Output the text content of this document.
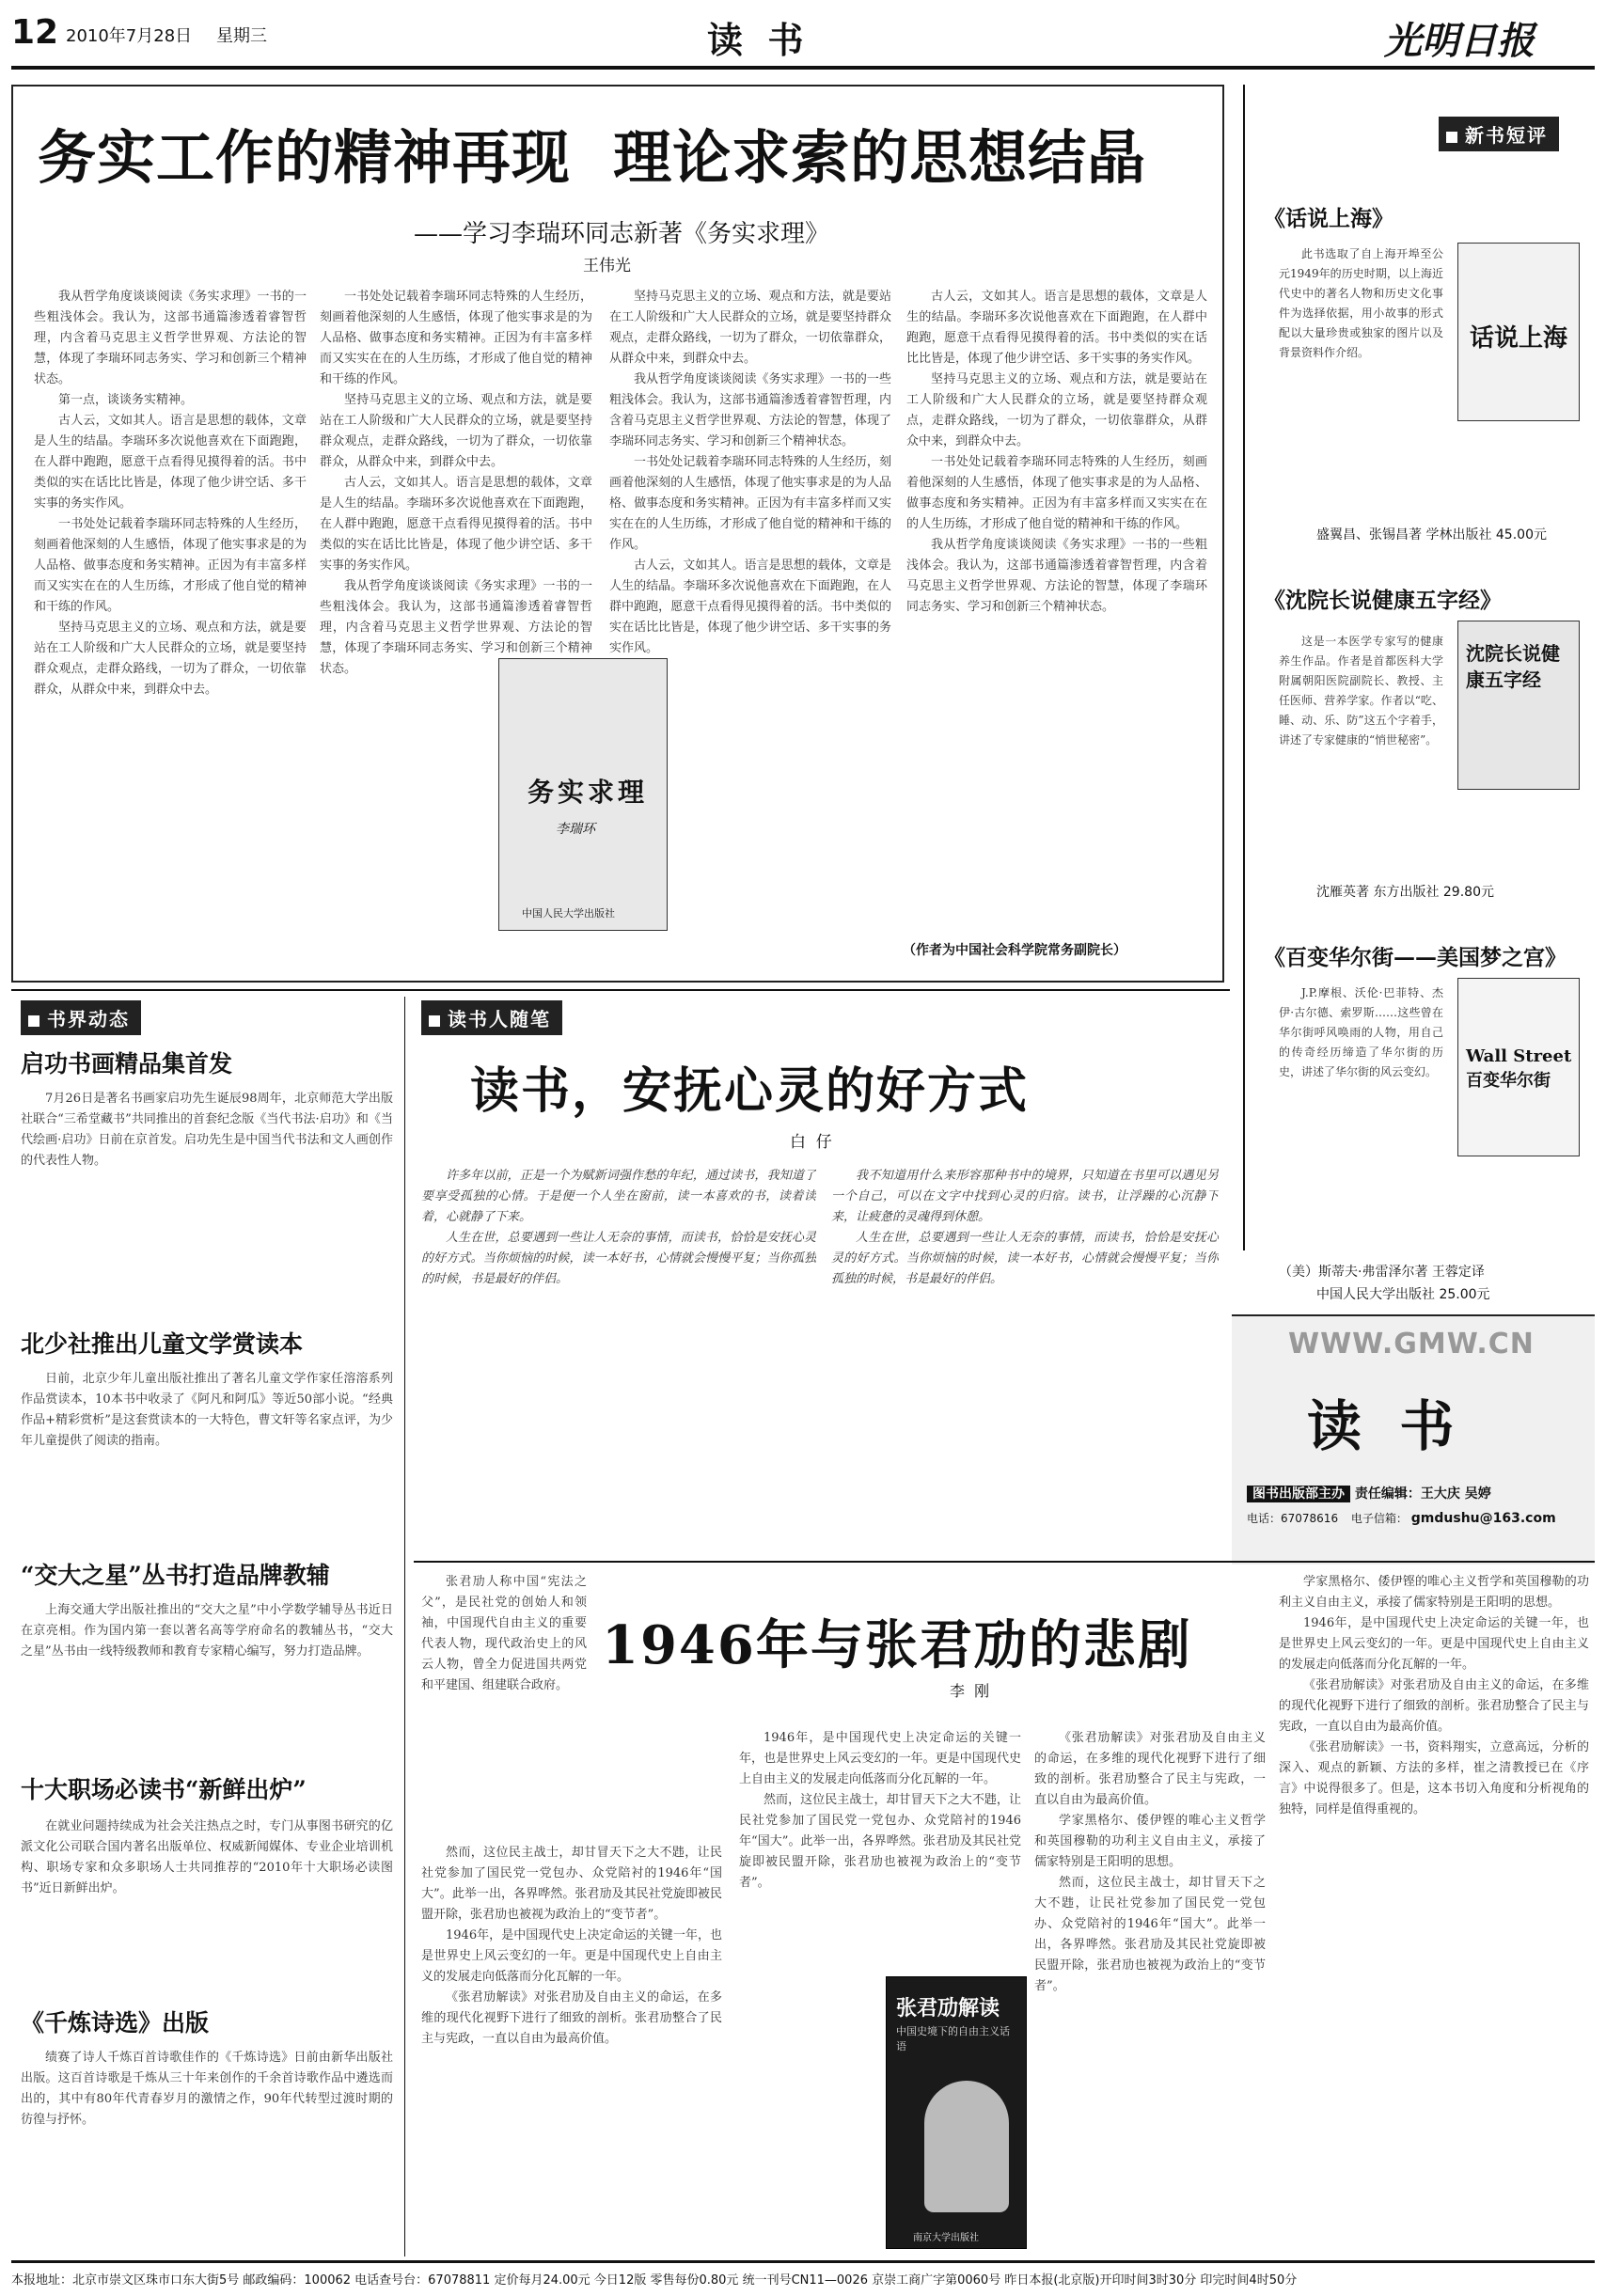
12 2010年7月28日 星期三	读  书	光明日报
务实工作的精神再现  理论求索的思想结晶
——学习李瑞环同志新著《务实求理》
王伟光

我从哲学角度谈谈阅读《务实求理》一书的一些粗浅体会。我认为，这部书通篇渗透着睿智哲理，内含着马克思主义哲学世界观、方法论的智慧，体现了李瑞环同志务实、学习和创新三个精神状态。

第一点，谈谈务实精神。

古人云，文如其人。语言是思想的载体，文章是人生的结晶。李瑞环多次说他喜欢在下面跑跑，在人群中跑跑，愿意干点看得见摸得着的活。书中类似的实在话比比皆是，体现了他少讲空话、多干实事的务实作风。

一书处处记载着李瑞环同志特殊的人生经历，刻画着他深刻的人生感悟，体现了他实事求是的为人品格、做事态度和务实精神。正因为有丰富多样而又实实在在的人生历练，才形成了他自觉的精神和干练的作风。

坚持马克思主义的立场、观点和方法，就是要站在工人阶级和广大人民群众的立场，就是要坚持群众观点，走群众路线，一切为了群众，一切依靠群众，从群众中来，到群众中去。

一书处处记载着李瑞环同志特殊的人生经历，刻画着他深刻的人生感悟，体现了他实事求是的为人品格、做事态度和务实精神。正因为有丰富多样而又实实在在的人生历练，才形成了他自觉的精神和干练的作风。

坚持马克思主义的立场、观点和方法，就是要站在工人阶级和广大人民群众的立场，就是要坚持群众观点，走群众路线，一切为了群众，一切依靠群众，从群众中来，到群众中去。

古人云，文如其人。语言是思想的载体，文章是人生的结晶。李瑞环多次说他喜欢在下面跑跑，在人群中跑跑，愿意干点看得见摸得着的活。书中类似的实在话比比皆是，体现了他少讲空话、多干实事的务实作风。

我从哲学角度谈谈阅读《务实求理》一书的一些粗浅体会。我认为，这部书通篇渗透着睿智哲理，内含着马克思主义哲学世界观、方法论的智慧，体现了李瑞环同志务实、学习和创新三个精神状态。

坚持马克思主义的立场、观点和方法，就是要站在工人阶级和广大人民群众的立场，就是要坚持群众观点，走群众路线，一切为了群众，一切依靠群众，从群众中来，到群众中去。

我从哲学角度谈谈阅读《务实求理》一书的一些粗浅体会。我认为，这部书通篇渗透着睿智哲理，内含着马克思主义哲学世界观、方法论的智慧，体现了李瑞环同志务实、学习和创新三个精神状态。

一书处处记载着李瑞环同志特殊的人生经历，刻画着他深刻的人生感悟，体现了他实事求是的为人品格、做事态度和务实精神。正因为有丰富多样而又实实在在的人生历练，才形成了他自觉的精神和干练的作风。

古人云，文如其人。语言是思想的载体，文章是人生的结晶。李瑞环多次说他喜欢在下面跑跑，在人群中跑跑，愿意干点看得见摸得着的活。书中类似的实在话比比皆是，体现了他少讲空话、多干实事的务实作风。

古人云，文如其人。语言是思想的载体，文章是人生的结晶。李瑞环多次说他喜欢在下面跑跑，在人群中跑跑，愿意干点看得见摸得着的活。书中类似的实在话比比皆是，体现了他少讲空话、多干实事的务实作风。

坚持马克思主义的立场、观点和方法，就是要站在工人阶级和广大人民群众的立场，就是要坚持群众观点，走群众路线，一切为了群众，一切依靠群众，从群众中来，到群众中去。

一书处处记载着李瑞环同志特殊的人生经历，刻画着他深刻的人生感悟，体现了他实事求是的为人品格、做事态度和务实精神。正因为有丰富多样而又实实在在的人生历练，才形成了他自觉的精神和干练的作风。

我从哲学角度谈谈阅读《务实求理》一书的一些粗浅体会。我认为，这部书通篇渗透着睿智哲理，内含着马克思主义哲学世界观、方法论的智慧，体现了李瑞环同志务实、学习和创新三个精神状态。

（作者为中国社会科学院常务副院长）
务实求理
李瑞环
中国人民大学出版社
新书短评
《话说上海》

此书选取了自上海开埠至公元1949年的历史时期，以上海近代史中的著名人物和历史文化事件为选择依据，用小故事的形式配以大量珍贵或独家的图片以及背景资料作介绍。	话说上海
盛翼昌、张锡昌著 学林出版社 45.00元
《沈院长说健康五字经》

这是一本医学专家写的健康养生作品。作者是首都医科大学附属朝阳医院副院长、教授、主任医师、营养学家。作者以“吃、睡、动、乐、防”这五个字着手，讲述了专家健康的“悄世秘密”。

沈院长说健康五字经
沈雁英著 东方出版社 29.80元
《百变华尔街——美国梦之宫》

J.P.摩根、沃伦·巴菲特、杰伊·古尔德、索罗斯……这些曾在华尔街呼风唤雨的人物，用自己的传奇经历缔造了华尔街的历史，讲述了华尔街的风云变幻。

Wall Street 百变华尔街
（美）斯蒂夫·弗雷泽尔著 王蓉定译
中国人民大学出版社 25.00元
WWW.GMW.CN
读  书
图书出版部主办 责任编辑：王大庆 吴婷
电话：67078616 电子信箱： gmdushu@163.com
书界动态
启功书画精品集首发

7月26日是著名书画家启功先生诞辰98周年，北京师范大学出版社联合“三希堂藏书”共同推出的首套纪念版《当代书法·启功》和《当代绘画·启功》日前在京首发。启功先生是中国当代书法和文人画创作的代表性人物。

北少社推出儿童文学赏读本

日前，北京少年儿童出版社推出了著名儿童文学作家任溶溶系列作品赏读本，10本书中收录了《阿凡和阿瓜》等近50部小说。“经典作品+精彩赏析”是这套赏读本的一大特色，曹文轩等名家点评，为少年儿童提供了阅读的指南。

“交大之星”丛书打造品牌教辅

上海交通大学出版社推出的“交大之星”中小学数学辅导丛书近日在京亮相。作为国内第一套以著名高等学府命名的教辅丛书，“交大之星”丛书由一线特级教师和教育专家精心编写，努力打造品牌。

十大职场必读书“新鲜出炉”

在就业问题持续成为社会关注热点之时，专门从事图书研究的亿派文化公司联合国内著名出版单位、权威新闻媒体、专业企业培训机构、职场专家和众多职场人士共同推荐的“2010年十大职场必读图书”近日新鲜出炉。

《千炼诗选》出版

绩赛了诗人千炼百首诗歌佳作的《千炼诗选》日前由新华出版社出版。这百首诗歌是千炼从三十年来创作的千余首诗歌作品中遴选而出的，其中有80年代青春岁月的激情之作，90年代转型过渡时期的彷徨与抒怀。

读书人随笔
读书，安抚心灵的好方式
白  仔

许多年以前，正是一个为赋新词强作愁的年纪，通过读书，我知道了要享受孤独的心情。于是便一个人坐在窗前，读一本喜欢的书，读着读着，心就静了下来。

人生在世，总要遇到一些让人无奈的事情，而读书，恰恰是安抚心灵的好方式。当你烦恼的时候，读一本好书，心情就会慢慢平复；当你孤独的时候，书是最好的伴侣。

我不知道用什么来形容那种书中的境界，只知道在书里可以遇见另一个自己，可以在文字中找到心灵的归宿。读书，让浮躁的心沉静下来，让疲惫的灵魂得到休憩。

人生在世，总要遇到一些让人无奈的事情，而读书，恰恰是安抚心灵的好方式。当你烦恼的时候，读一本好书，心情就会慢慢平复；当你孤独的时候，书是最好的伴侣。

张君劢人称中国“宪法之父”，是民社党的创始人和领袖，中国现代自由主义的重要代表人物，现代政治史上的风云人物，曾全力促进国共两党和平建国、组建联合政府。

1946年与张君劢的悲剧
李  刚

然而，这位民主战士，却甘冒天下之大不韪，让民社党参加了国民党一党包办、众党陪衬的1946年“国大”。此举一出，各界哗然。张君劢及其民社党旋即被民盟开除，张君劢也被视为政治上的“变节者”。

1946年，是中国现代史上决定命运的关键一年，也是世界史上风云变幻的一年。更是中国现代史上自由主义的发展走向低落而分化瓦解的一年。

《张君劢解读》对张君劢及自由主义的命运，在多维的现代化视野下进行了细致的剖析。张君劢整合了民主与宪政，一直以自由为最高价值。

1946年，是中国现代史上决定命运的关键一年，也是世界史上风云变幻的一年。更是中国现代史上自由主义的发展走向低落而分化瓦解的一年。

然而，这位民主战士，却甘冒天下之大不韪，让民社党参加了国民党一党包办、众党陪衬的1946年“国大”。此举一出，各界哗然。张君劢及其民社党旋即被民盟开除，张君劢也被视为政治上的“变节者”。

《张君劢解读》对张君劢及自由主义的命运，在多维的现代化视野下进行了细致的剖析。张君劢整合了民主与宪政，一直以自由为最高价值。

学家黑格尔、倭伊铿的唯心主义哲学和英国穆勒的功利主义自由主义，承接了儒家特别是王阳明的思想。

然而，这位民主战士，却甘冒天下之大不韪，让民社党参加了国民党一党包办、众党陪衬的1946年“国大”。此举一出，各界哗然。张君劢及其民社党旋即被民盟开除，张君劢也被视为政治上的“变节者”。

学家黑格尔、倭伊铿的唯心主义哲学和英国穆勒的功利主义自由主义，承接了儒家特别是王阳明的思想。

1946年，是中国现代史上决定命运的关键一年，也是世界史上风云变幻的一年。更是中国现代史上自由主义的发展走向低落而分化瓦解的一年。

《张君劢解读》对张君劢及自由主义的命运，在多维的现代化视野下进行了细致的剖析。张君劢整合了民主与宪政，一直以自由为最高价值。

《张君劢解读》一书，资料翔实，立意高远，分析的深入、观点的新颖、方法的多样，崔之清教授已在《序言》中说得很多了。但是，这本书切入角度和分析视角的独特，同样是值得重视的。

张君劢解读
中国史境下的自由主义话语
南京大学出版社
本报地址：北京市崇文区珠市口东大街5号 邮政编码：100062 电话查号台：67078811 定价每月24.00元 今日12版 零售每份0.80元 统一刊号CN11—0026 京崇工商广字第0060号 昨日本报(北京版)开印时间3时30分 印完时间4时50分
